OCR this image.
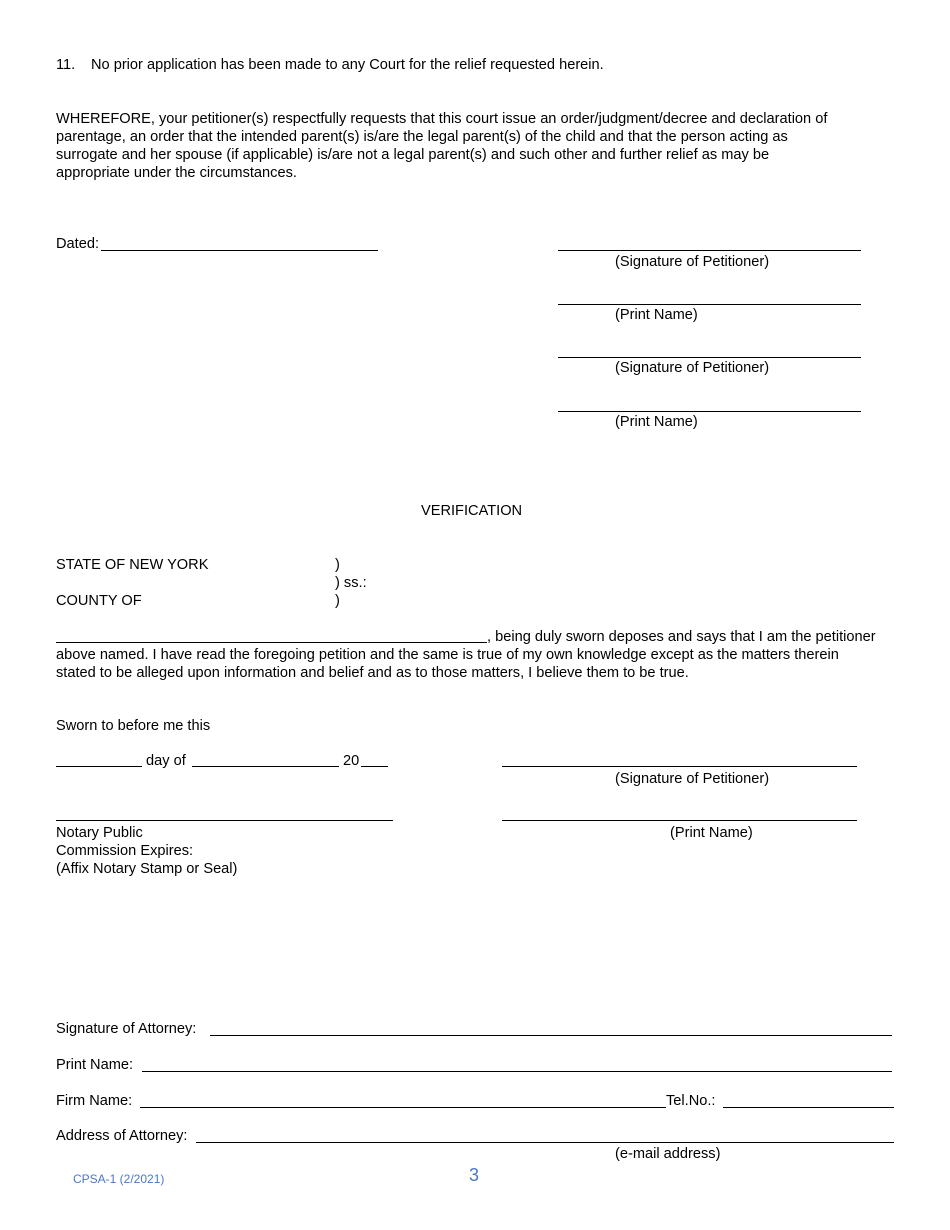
11. No prior application has been made to any Court for the relief requested herein.
WHEREFORE, your petitioner(s) respectfully requests that this court issue an order/judgment/decree and declaration of
parentage, an order that the intended parent(s) is/are the legal parent(s) of the child and that the person acting as
surrogate and her spouse (if applicable) is/are not a legal parent(s) and such other and further relief as may be
appropriate under the circumstances.
Dated:
(Signature of Petitioner)
(Print Name)
(Signature of Petitioner)
(Print Name)
VERIFICATION
STATE OF NEW YORK	)
) ss.:
COUNTY OF	)
, being duly sworn deposes and says that I am the petitioner
above named. I have read the foregoing petition and the same is true of my own knowledge except as the matters therein
stated to be alleged upon information and belief and as to those matters, I believe them to be true.
Sworn to before me this
day of	20
(Signature of Petitioner)
Notary Public
Commission Expires:
(Affix Notary Stamp or Seal)
(Print Name)
Signature of Attorney:
Print Name:
Firm Name:	Tel.No.:
Address of Attorney:
(e-mail address)
CPSA-1 (2/2021)	3
